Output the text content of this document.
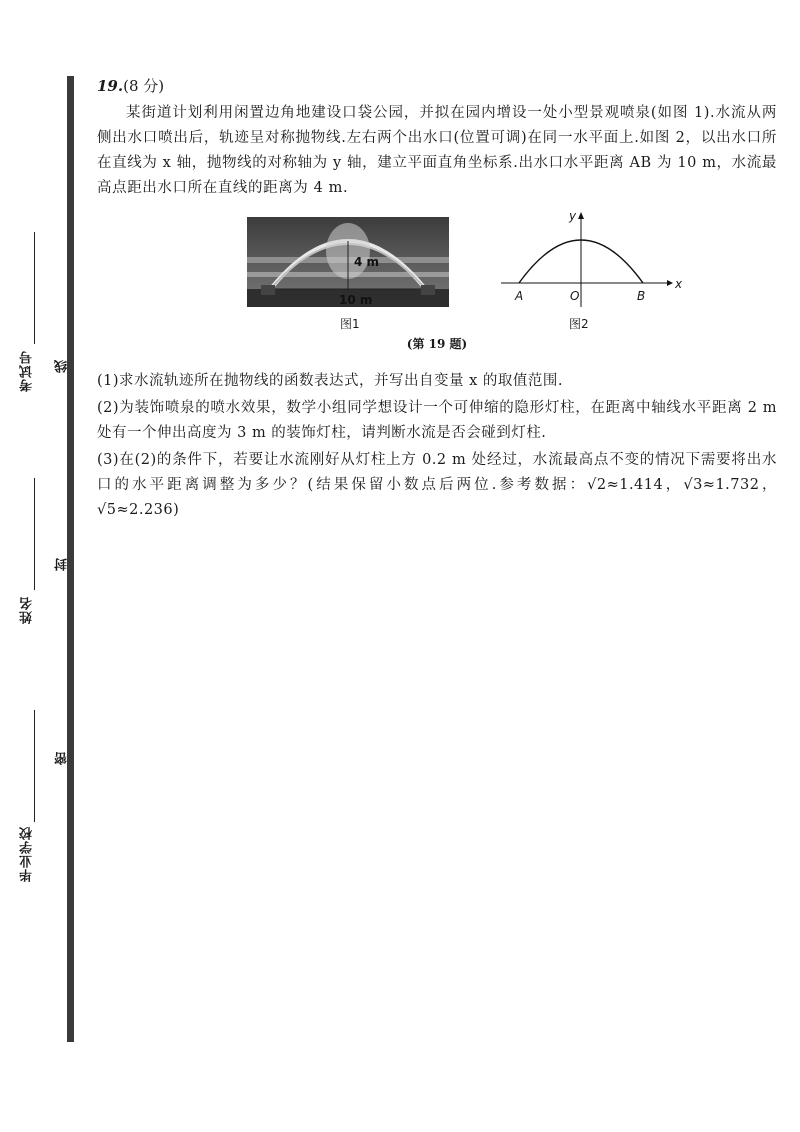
考试号
姓名
毕业学校
线
封
密
19.(8 分)
某街道计划利用闲置边角地建设口袋公园，并拟在园内增设一处小型景观喷泉(如图 1).水流从两侧出水口喷出后，轨迹呈对称抛物线.左右两个出水口(位置可调)在同一水平面上.如图 2，以出水口所在直线为 x 轴，抛物线的对称轴为 y 轴，建立平面直角坐标系.出水口水平距离 AB 为 10 m，水流最高点距出水口所在直线的距离为 4 m.
4 m
10 m
图1
y
x
A	O	B
图2
(第 19 题)
(1)求水流轨迹所在抛物线的函数表达式，并写出自变量 x 的取值范围.
(2)为装饰喷泉的喷水效果，数学小组同学想设计一个可伸缩的隐形灯柱，在距离中轴线水平距离 2 m 处有一个伸出高度为 3 m 的装饰灯柱，请判断水流是否会碰到灯柱.
(3)在(2)的条件下，若要让水流刚好从灯柱上方 0.2 m 处经过，水流最高点不变的情况下需要将出水口的水平距离调整为多少？(结果保留小数点后两位.参考数据：√2≈1.414，√3≈1.732，√5≈2.236)
